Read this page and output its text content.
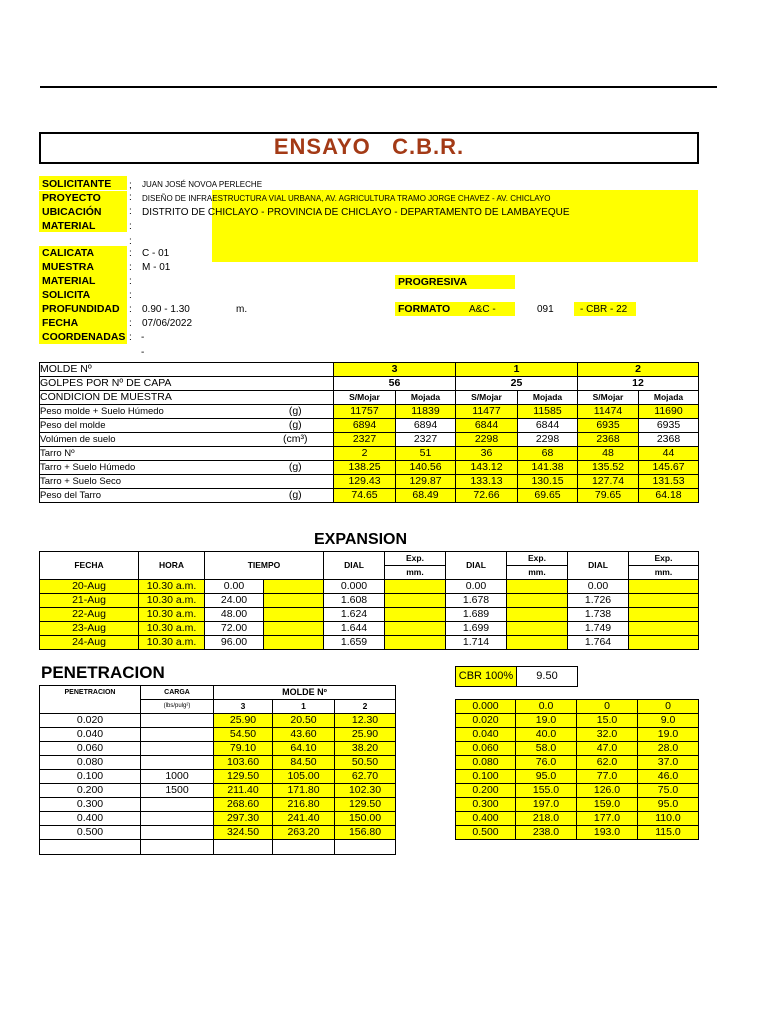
ENSAYO   C.B.R.
SOLICITANTE	; JUAN JOSÉ NOVOA PERLECHE
PROYECTO	: DISEÑO DE INFRAESTRUCTURA VIAL URBANA, AV. AGRICULTURA TRAMO JORGE CHAVEZ - AV. CHICLAYO
UBICACIÓN	: DISTRITO DE CHICLAYO - PROVINCIA DE CHICLAYO - DEPARTAMENTO DE LAMBAYEQUE
MATERIAL	:
:
CALICATA	: C - 01
MUESTRA	: M - 01
MATERIAL	:	PROGRESIVA
SOLICITA	:
PROFUNDIDAD : 0.90 - 1.30	m.	FORMATO	A&C -	091	- CBR - 22
FECHA	: 07/06/2022
COORDENADAS : -
-
MOLDE Nº		3		1		2	
GOLPES POR Nº DE CAPA		56		25		12	
CONDICION DE MUESTRA		S/Mojar	Mojada	S/Mojar	Mojada	S/Mojar	Mojada
Peso molde + Suelo Húmedo	(g)	11757	11839	11477	11585	11474	11690
Peso del molde	(g)	6894	6894	6844	6844	6935	6935
Volúmen de suelo	(cm³)	2327	2327	2298	2298	2368	2368
Tarro Nº		2	51	36	68	48	44
Tarro + Suelo Húmedo	(g)	138.25	140.56	143.12	141.38	135.52	145.67
Tarro + Suelo Seco		129.43	129.87	133.13	130.15	127.74	131.53
Peso del Tarro	(g)	74.65	68.49	72.66	69.65	79.65	64.18
EXPANSION
FECHA	HORA	TIEMPO		DIAL	Exp.	DIAL	Exp.	DIAL	Exp.
					mm.		mm.		mm.
20-Aug	10.30 a.m.	0.00		0.000		0.00		0.00	
21-Aug	10.30 a.m.	24.00		1.608		1.678		1.726	
22-Aug	10.30 a.m.	48.00		1.624		1.689		1.738	
23-Aug	10.30 a.m.	72.00		1.644		1.699		1.749	
24-Aug	10.30 a.m.	96.00		1.659		1.714		1.764	
PENETRACION
PENETRACION	CARGA	MOLDE Nº		
	(lbs/pulg²)	3	1	2
0.020		25.90	20.50	12.30
0.040		54.50	43.60	25.90
0.060		79.10	64.10	38.20
0.080		103.60	84.50	50.50
0.100	1000	129.50	105.00	62.70
0.200	1500	211.40	171.80	102.30
0.300		268.60	216.80	129.50
0.400		297.30	241.40	150.00
0.500		324.50	263.20	156.80

CBR 100%	9.50
0.000	0.0	0	0
0.020	19.0	15.0	9.0
0.040	40.0	32.0	19.0
0.060	58.0	47.0	28.0
0.080	76.0	62.0	37.0
0.100	95.0	77.0	46.0
0.200	155.0	126.0	75.0
0.300	197.0	159.0	95.0
0.400	218.0	177.0	110.0
0.500	238.0	193.0	115.0
